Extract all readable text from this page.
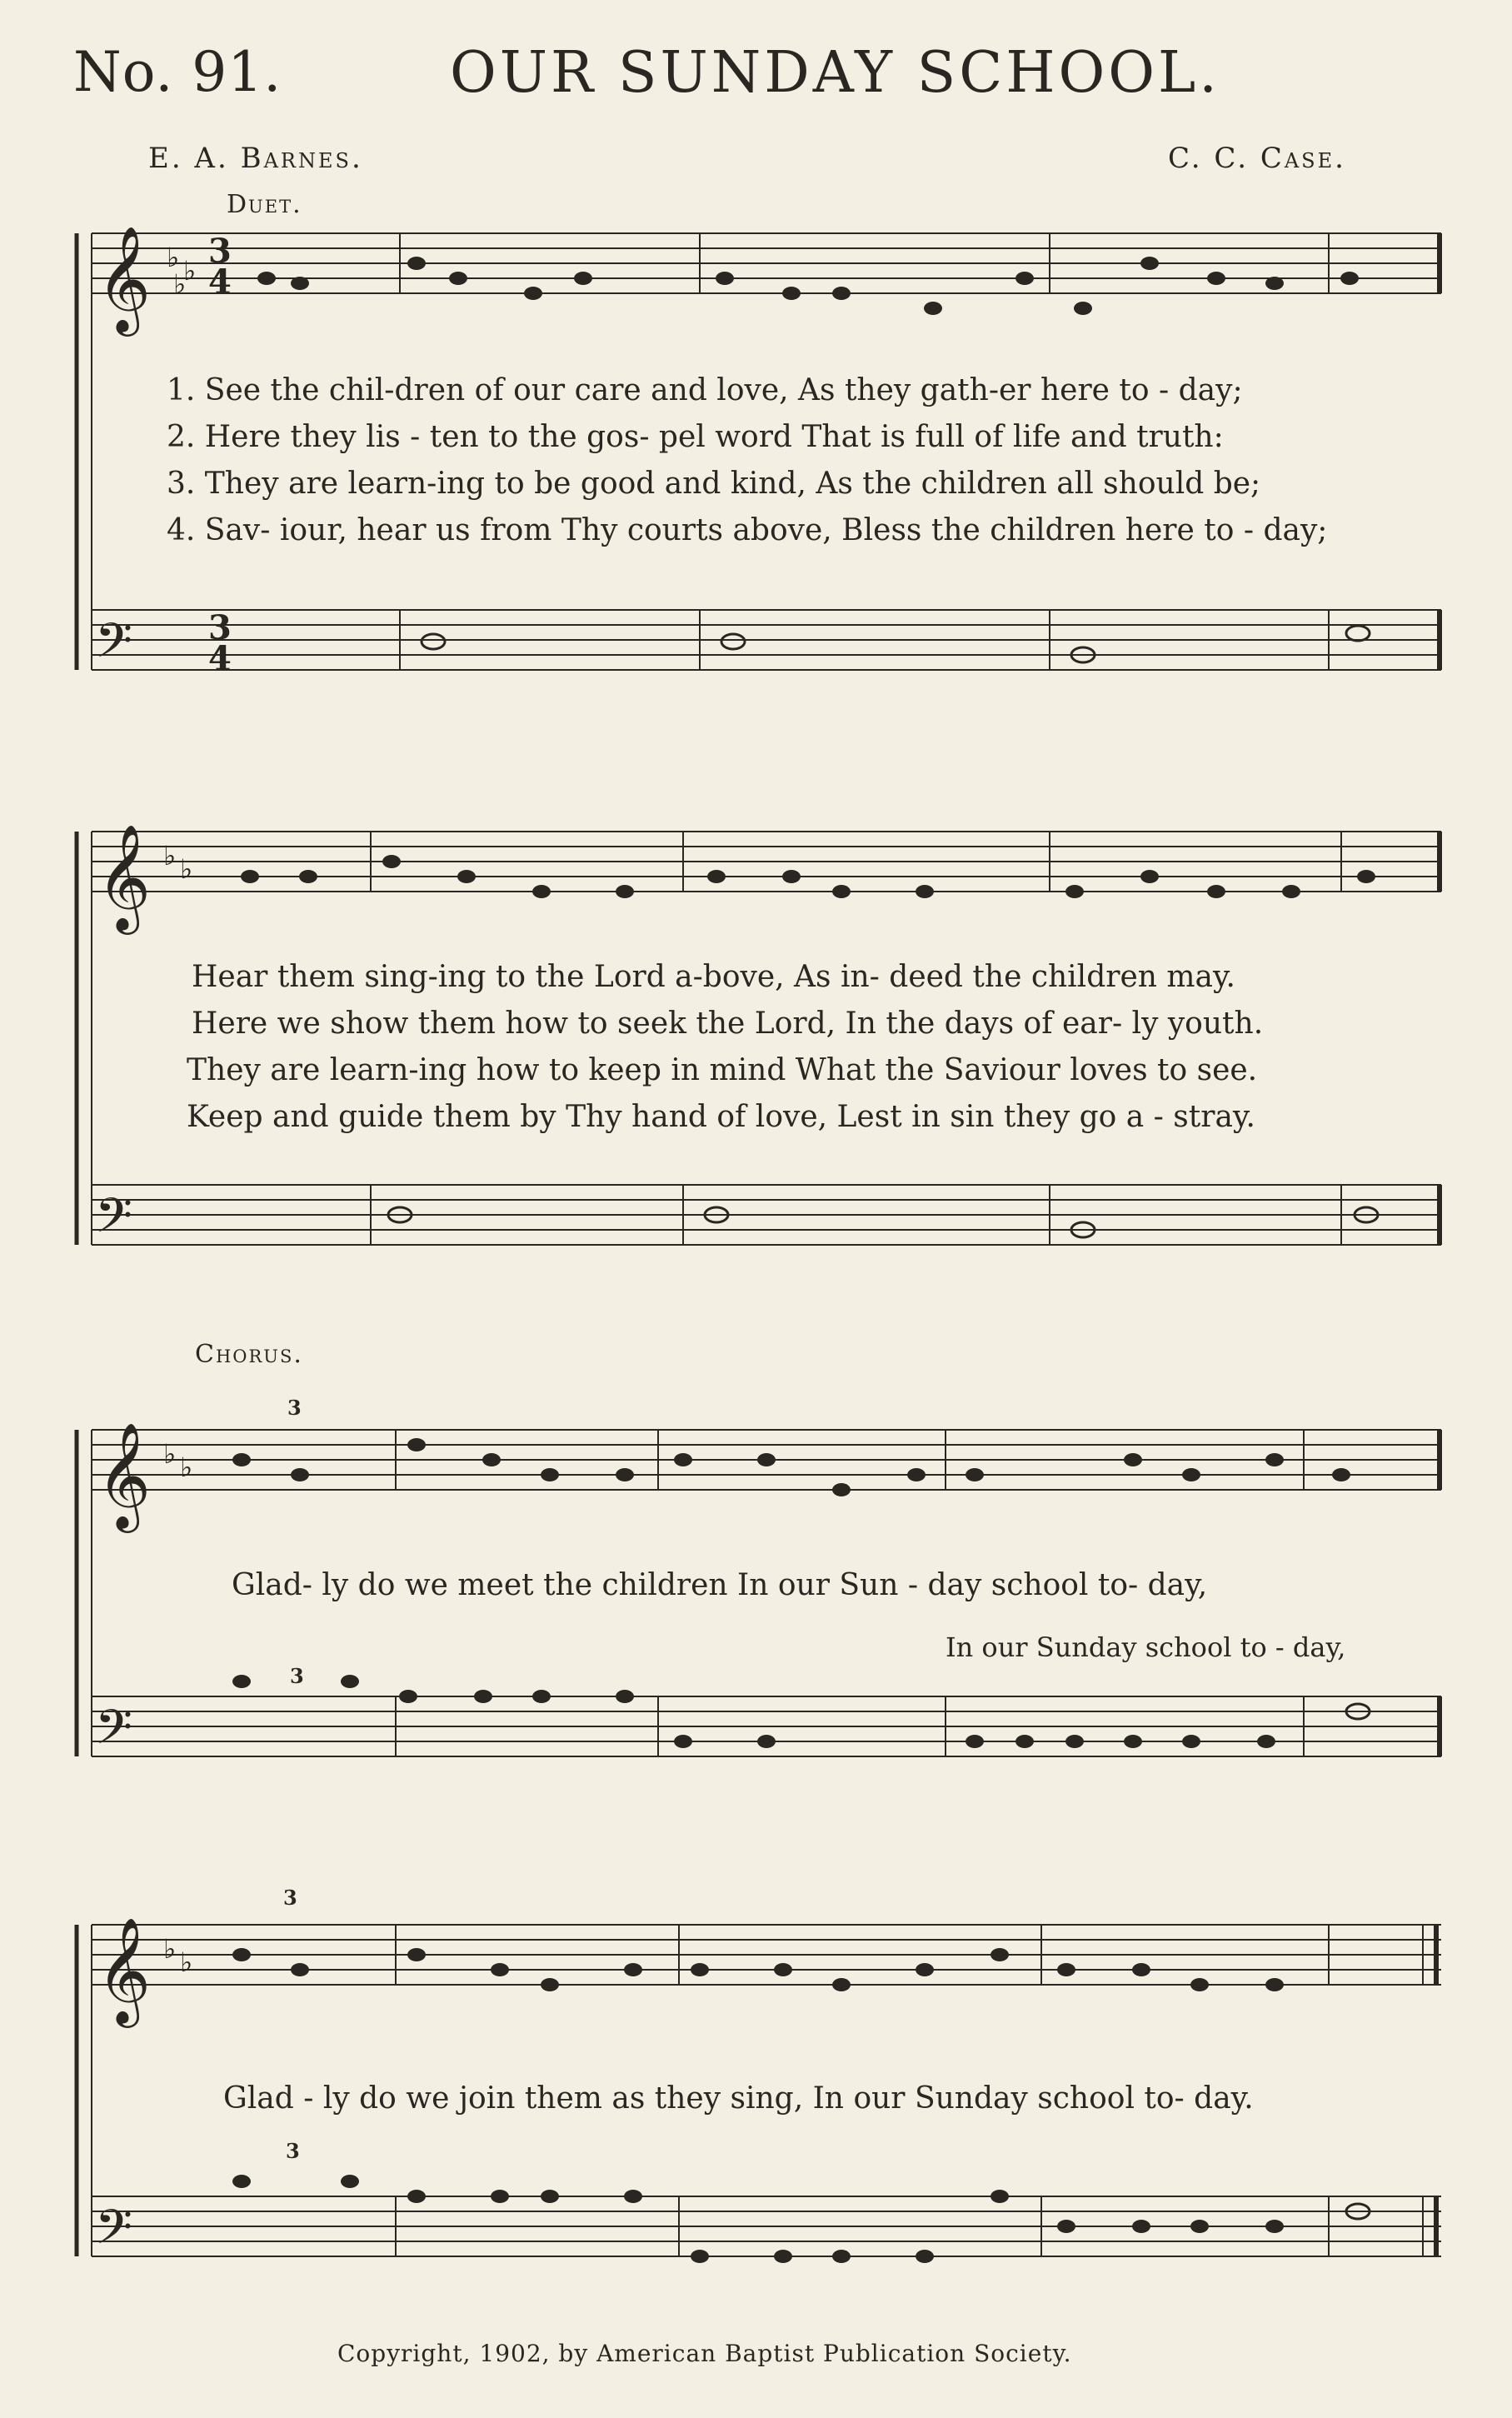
No. 91.	OUR SUNDAY SCHOOL.
E. A. Barnes.	C. C. Case.
Duet.
𝄞
𝄞
𝄞
𝄞
𝄢
𝄢
𝄢
𝄢
♭ ♭
♭
♭ ♭
♭ ♭
♭ ♭
3
4
3
4
3
3
3
3
1. See the chil-dren of our care and love, As they gath-er here to - day;
2. Here they lis - ten to the gos- pel word That is full of life and truth:
3. They are learn-ing to be good and kind, As the children all should be;
4. Sav- iour, hear us from Thy courts above, Bless the children here to - day;
Hear them sing-ing to the Lord a-bove, As in- deed the children may.
Here we show them how to seek the Lord, In the days of ear- ly youth.
They are learn-ing how to keep in mind What the Saviour loves to see.
Keep and guide them by Thy hand of love, Lest in sin they go a - stray.
Chorus.
Glad- ly do we meet the children In our Sun - day school to- day,
In our Sunday school to - day,
Glad - ly do we join them as they sing, In our Sunday school to- day.
Copyright, 1902, by American Baptist Publication Society.
